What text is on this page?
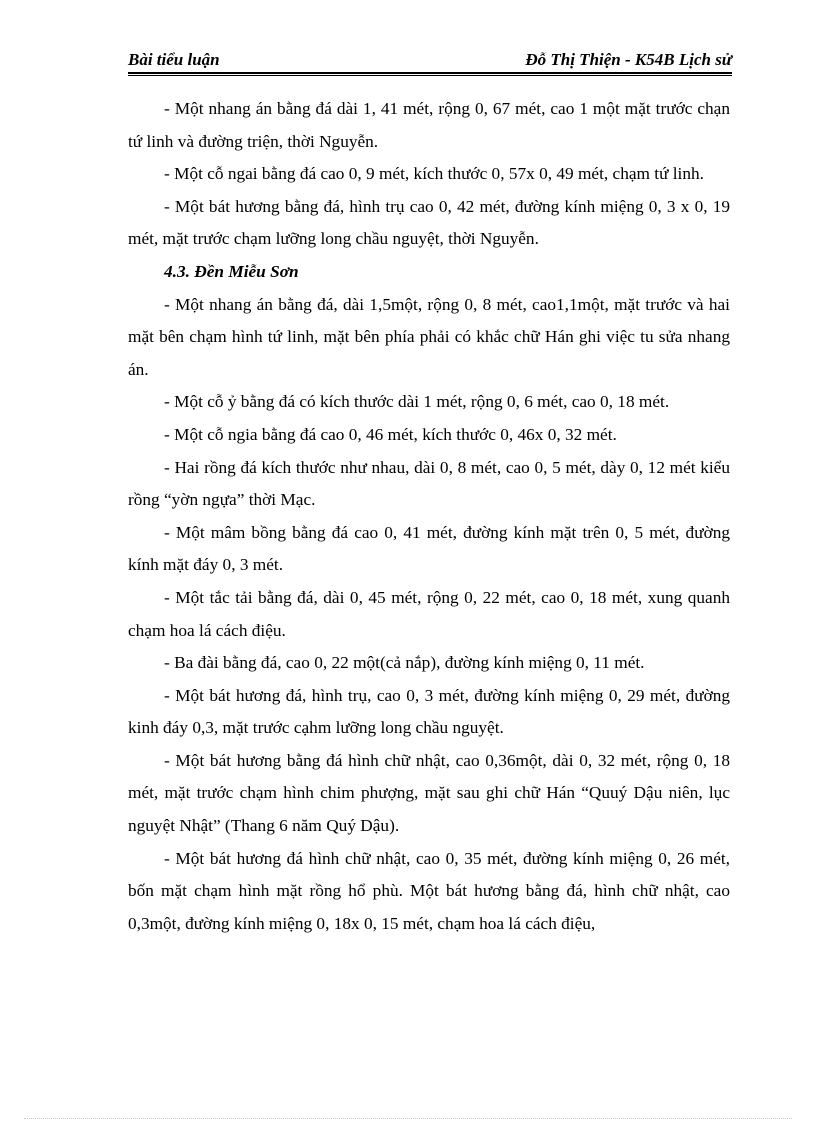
Bài tiểu luận	Đỗ Thị Thiện - K54B Lịch sử

- Một nhang án bằng đá dài 1, 41 mét, rộng 0, 67 mét, cao 1 một mặt trước chạn tứ linh và đường triện, thời Nguyễn.

- Một cỗ ngai bằng đá cao 0, 9 mét, kích thước 0, 57x 0, 49 mét, chạm tứ linh.

- Một bát hương bằng đá, hình trụ cao 0, 42 mét, đường kính miệng 0, 3 x 0, 19 mét, mặt trước chạm lưỡng long chầu nguyệt, thời Nguyễn.

4.3. Đền Miễu Sơn

- Một nhang án bằng đá, dài 1,5một, rộng 0, 8 mét, cao1,1một, mặt trước và hai mặt bên chạm hình tứ linh, mặt bên phía phải có khắc chữ Hán ghi việc tu sửa nhang án.

- Một cỗ ỷ bằng đá có kích thước dài 1 mét, rộng 0, 6 mét, cao 0, 18 mét.

- Một cỗ ngia bằng đá cao 0, 46 mét, kích thước 0, 46x 0, 32 mét.

- Hai rồng đá kích thước như nhau, dài 0, 8 mét, cao 0, 5 mét, dày 0, 12 mét kiểu rồng “yờn ngựa” thời Mạc.

- Một mâm bồng bằng đá cao 0, 41 mét, đường kính mặt trên 0, 5 mét, đường kính mặt đáy 0, 3 mét.

- Một tắc tải bằng đá, dài 0, 45 mét, rộng 0, 22 mét, cao 0, 18 mét, xung quanh chạm hoa lá cách điệu.

- Ba đài bằng đá, cao 0, 22 một(cả nắp), đường kính miệng 0, 11 mét.

- Một bát hương đá, hình trụ, cao 0, 3 mét, đường kính miệng 0, 29 mét, đường kinh đáy 0,3, mặt trước cạhm lưỡng long chầu nguyệt.

- Một bát hương bằng đá hình chữ nhật, cao 0,36một, dài 0, 32 mét, rộng 0, 18 mét, mặt trước chạm hình chim phượng, mặt sau ghi chữ Hán “Quuý Dậu niên, lục nguyệt Nhật” (Thang 6 năm Quý Dậu).

- Một bát hương đá hình chữ nhật, cao 0, 35 mét, đường kính miệng 0, 26 mét, bốn mặt chạm hình mặt rồng hổ phù. Một bát hương bằng đá, hình chữ nhật, cao 0,3một, đường kính miệng 0, 18x 0, 15 mét, chạm hoa lá cách điệu,
